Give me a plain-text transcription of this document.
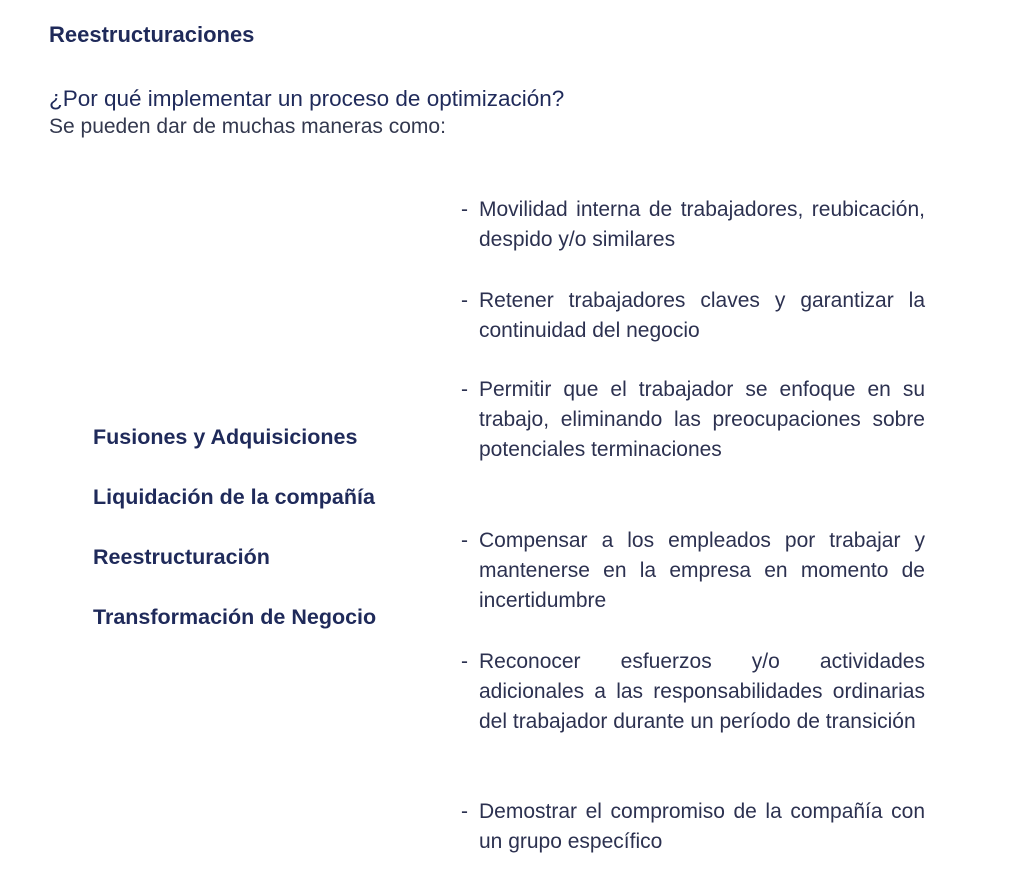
Reestructuraciones
¿Por qué implementar un proceso de optimización?
Se pueden dar de muchas maneras como:
Fusiones y Adquisiciones
Liquidación de la compañía
Reestructuración
Transformación de Negocio
- Movilidad interna de trabajadores, reubicación, despido y/o similares
- Retener trabajadores claves y garantizar la continuidad del negocio
- Permitir que el trabajador se enfoque en su trabajo, eliminando las preocupaciones sobre potenciales terminaciones
- Compensar a los empleados por trabajar y mantenerse en la empresa en momento de incertidumbre
- Reconocer esfuerzos y/o actividades adicionales a las responsabilidades ordinarias del trabajador durante un período de transición
- Demostrar el compromiso de la compañía con un grupo específico
